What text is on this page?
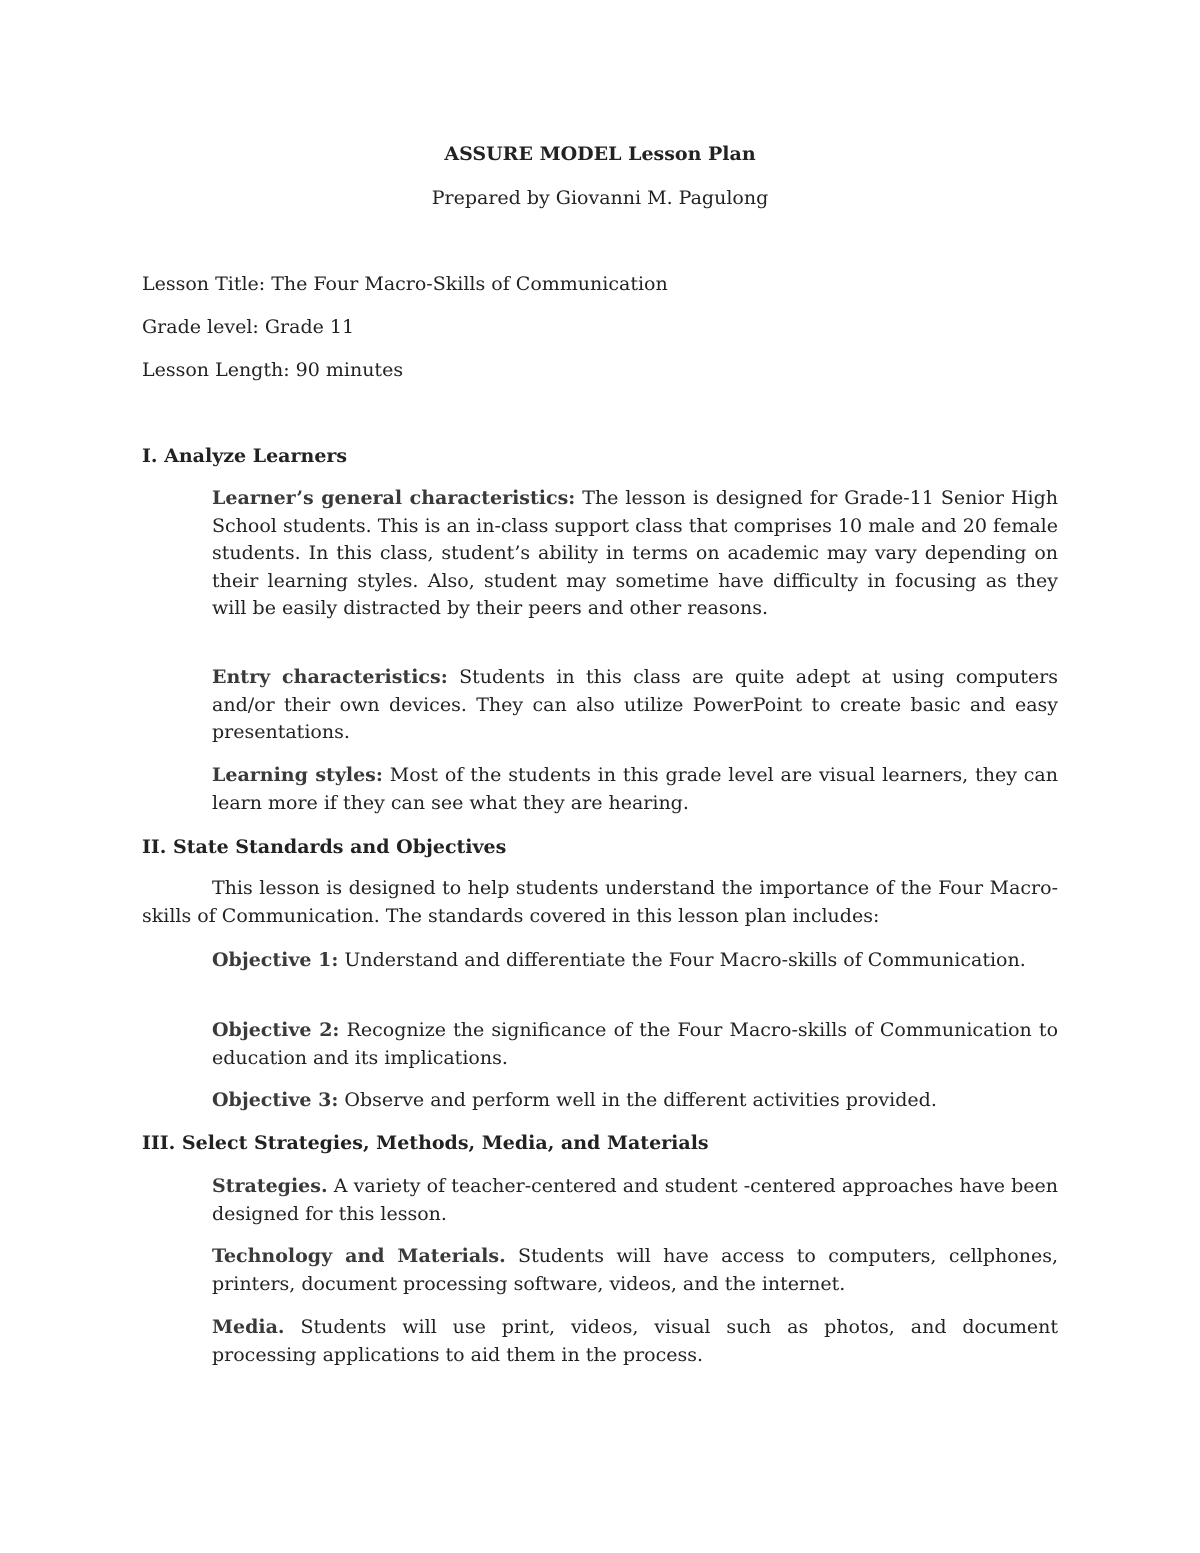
ASSURE MODEL Lesson Plan
Prepared by Giovanni M. Pagulong
Lesson Title: The Four Macro-Skills of Communication
Grade level: Grade 11
Lesson Length: 90 minutes
I. Analyze Learners
Learner’s general characteristics: The lesson is designed for Grade-11 Senior High School students. This is an in-class support class that comprises 10 male and 20 female students. In this class, student’s ability in terms on academic may vary depending on their learning styles. Also, student may sometime have difficulty in focusing as they will be easily distracted by their peers and other reasons.
Entry characteristics: Students in this class are quite adept at using computers and/or their own devices. They can also utilize PowerPoint to create basic and easy presentations.
Learning styles: Most of the students in this grade level are visual learners, they can learn more if they can see what they are hearing.
II. State Standards and Objectives
This lesson is designed to help students understand the importance of the Four Macro-skills of Communication. The standards covered in this lesson plan includes:
Objective 1: Understand and differentiate the Four Macro-skills of Communication.
Objective 2: Recognize the significance of the Four Macro-skills of Communication to education and its implications.
Objective 3: Observe and perform well in the different activities provided.
III. Select Strategies, Methods, Media, and Materials
Strategies. A variety of teacher-centered and student -centered approaches have been designed for this lesson.
Technology and Materials. Students will have access to computers, cellphones, printers, document processing software, videos, and the internet.
Media. Students will use print, videos, visual such as photos, and document processing applications to aid them in the process.
